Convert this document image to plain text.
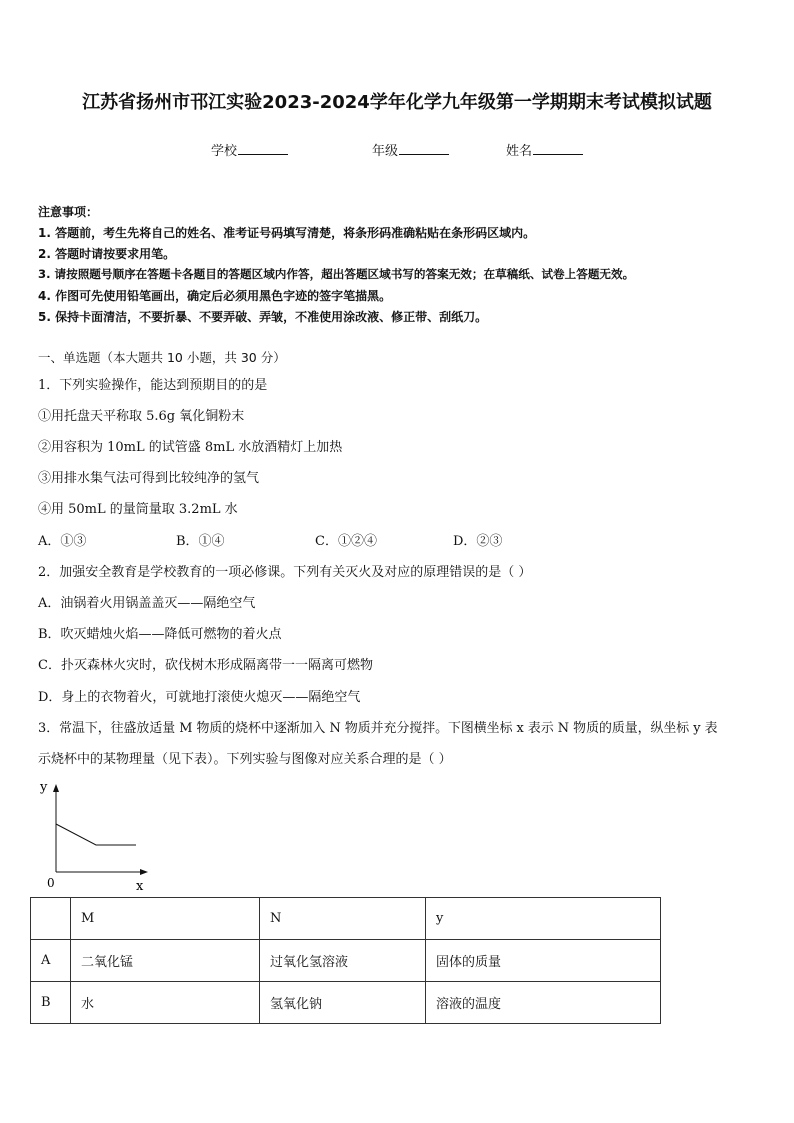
江苏省扬州市邗江实验2023-2024学年化学九年级第一学期期末考试模拟试题
学校	年级	姓名
注意事项：
1. 答题前，考生先将自己的姓名、准考证号码填写清楚，将条形码准确粘贴在条形码区域内。
2. 答题时请按要求用笔。
3. 请按照题号顺序在答题卡各题目的答题区域内作答，超出答题区域书写的答案无效；在草稿纸、试卷上答题无效。
4. 作图可先使用铅笔画出，确定后必须用黑色字迹的签字笔描黑。
5. 保持卡面清洁，不要折暴、不要弄破、弄皱，不准使用涂改液、修正带、刮纸刀。
一、单选题（本大题共 10 小题，共 30 分）
1．下列实验操作，能达到预期目的的是
①用托盘天平称取 5.6g 氧化铜粉末
②用容积为 10mL 的试管盛 8mL 水放酒精灯上加热
③用排水集气法可得到比较纯净的氢气
④用 50mL 的量筒量取 3.2mL 水
A．①③	B．①④	C．①②④	D．②③
2．加强安全教育是学校教育的一项必修课。下列有关灭火及对应的原理错误的是（ ）
A．油锅着火用锅盖盖灭——隔绝空气
B．吹灭蜡烛火焰——降低可燃物的着火点
C．扑灭森林火灾时，砍伐树木形成隔离带一一隔离可燃物
D．身上的衣物着火，可就地打滚使火熄灭——隔绝空气
3．常温下，往盛放适量 M 物质的烧杯中逐渐加入 N 物质并充分搅拌。下图横坐标 x 表示 N 物质的质量，纵坐标 y 表
示烧杯中的某物理量（见下表）。下列实验与图像对应关系合理的是（ ）
y
x
0
	M	N	y
A	二氧化锰	过氧化氢溶液	固体的质量
B	水	氢氧化钠	溶液的温度
